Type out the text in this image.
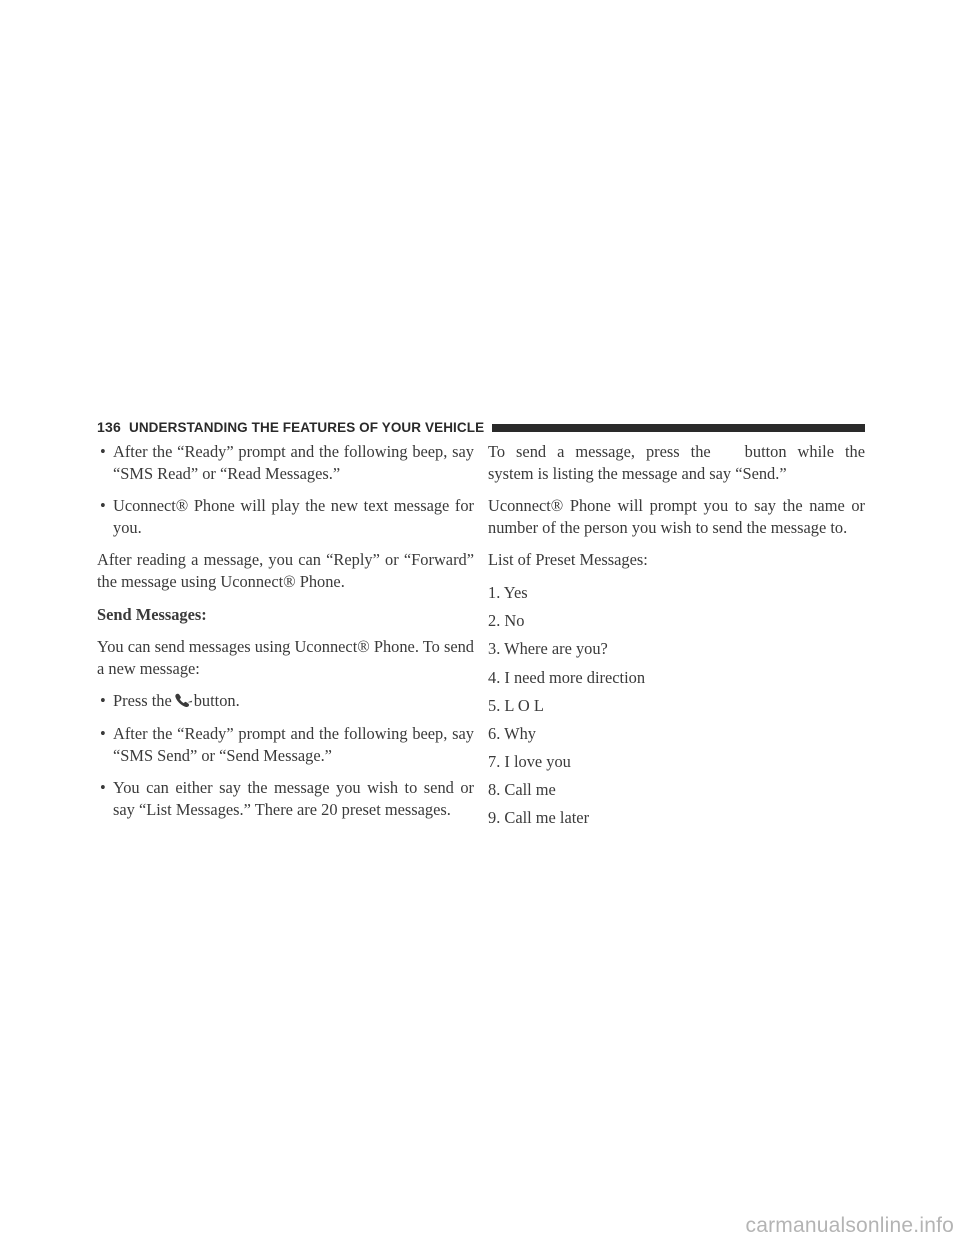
136 UNDERSTANDING THE FEATURES OF YOUR VEHICLE
• After the “Ready” prompt and the following beep, say “SMS Read” or “Read Messages.”
• Uconnect® Phone will play the new text message for you.

After reading a message, you can “Reply” or “Forward” the message using Uconnect® Phone.

Send Messages:

You can send messages using Uconnect® Phone. To send a new message:

• Press the button.
• After the “Ready” prompt and the following beep, say “SMS Send” or “Send Message.”
• You can either say the message you wish to send or say “List Messages.” There are 20 preset messages.

To send a message, press the button while the system is listing the message and say “Send.”

Uconnect® Phone will prompt you to say the name or number of the person you wish to send the message to.

List of Preset Messages:

1. Yes
2. No
3. Where are you?
4. I need more direction
5. L O L
6. Why
7. I love you
8. Call me
9. Call me later
carmanualsonline.info
